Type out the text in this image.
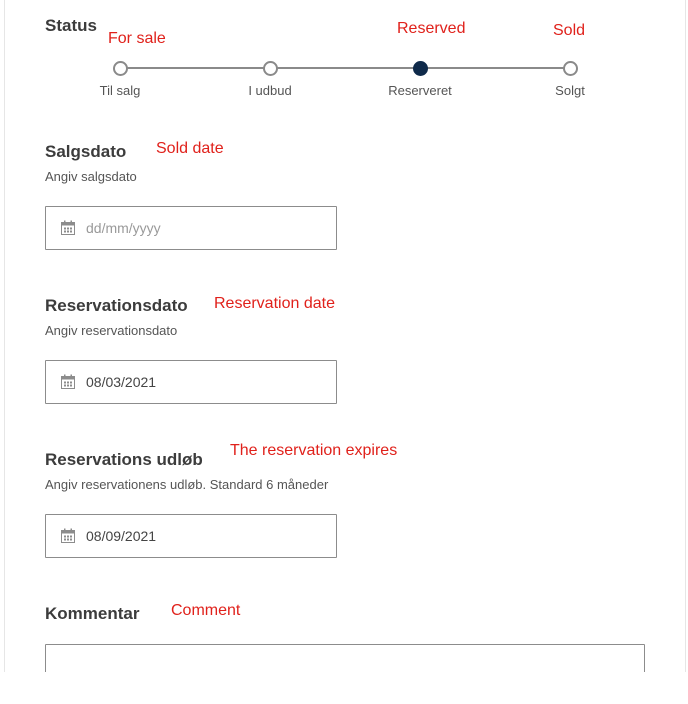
Status
For sale
Reserved	Sold
Til salg	I udbud	Reserveret	Solgt
Salgsdato Sold date
Angiv salgsdato
dd/mm/yyyy
Reservationsdato Reservation date
Angiv reservationsdato
08/03/2021
Reservations udløb The reservation expires
Angiv reservationens udløb. Standard 6 måneder
08/09/2021
Kommentar Comment
